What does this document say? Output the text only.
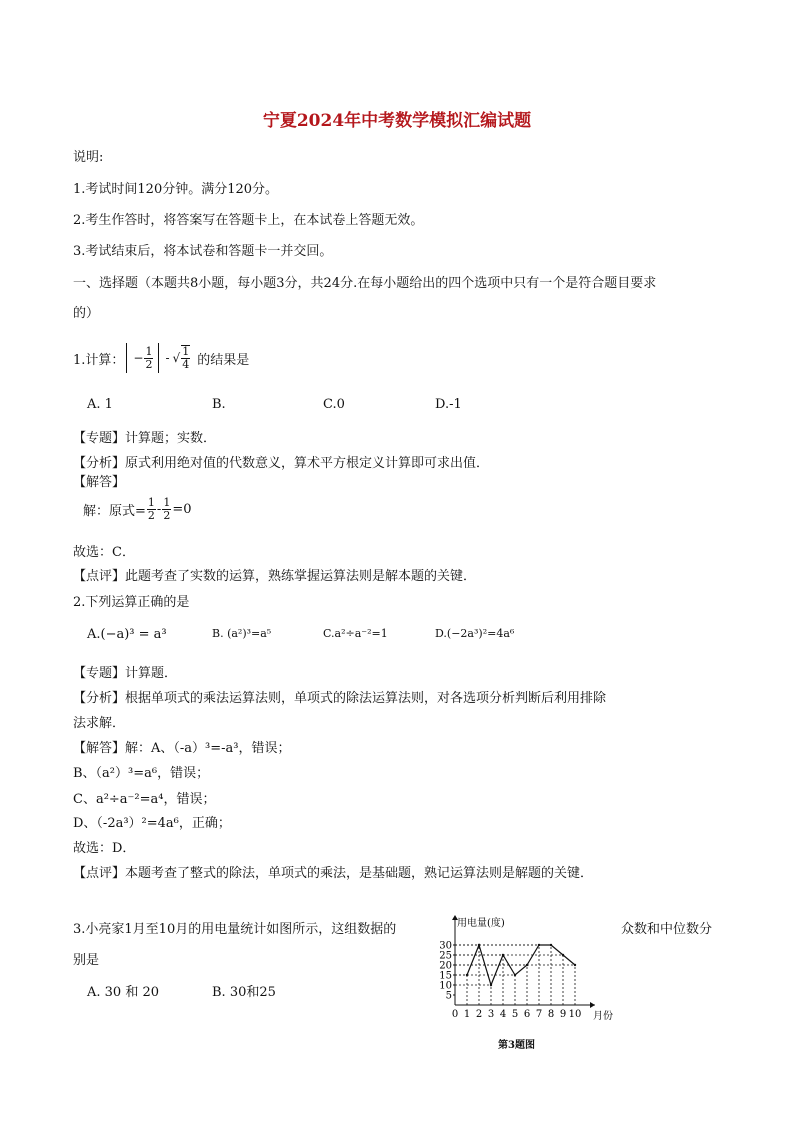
宁夏2024年中考数学模拟汇编试题
说明:
1.考试时间120分钟。满分120分。
2.考生作答时，将答案写在答题卡上，在本试卷上答题无效。
3.考试结束后，将本试卷和答题卡一并交回。
一、选择题（本题共8小题，每小题3分，共24分.在每小题给出的四个选项中只有一个是符合题目要求
的）
1.计算： − $\frac{1}{2}$ - √ $\frac{1}{4}$ 的结果是
A. 1	B.	C.0	D.-1
【专题】计算题；实数．
【分析】原式利用绝对值的代数意义，算术平方根定义计算即可求出值．
【解答】
解：原式= $\frac{1}{2} - \frac{1}{2} =0$
故选：C．
【点评】此题考查了实数的运算，熟练掌握运算法则是解本题的关键．
2.下列运算正确的是
A.(−a)³ = a³	B. (a²)³=a⁵	C.a²÷a⁻²=1	D.(−2a³)²=4a⁶
【专题】计算题．
【分析】根据单项式的乘法运算法则，单项式的除法运算法则，对各选项分析判断后利用排除
法求解．
【解答】解：A、（-a）³=-a³，错误；
B、（a²）³=a⁶，错误；
C、a²÷a⁻²=a⁴，错误；
D、（-2a³）²=4a⁶，正确；
故选：D．
【点评】本题考查了整式的除法，单项式的乘法，是基础题，熟记运算法则是解题的关键．
3.小亮家1月至10月的用电量统计如图所示，这组数据的	众数和中位数分
别是
A. 30 和 20	B. 30和25	5
10
15
20
25
30
0 1 2 3 4 5 6 7 8 9 10
用电量(度)
月份
第3题图
